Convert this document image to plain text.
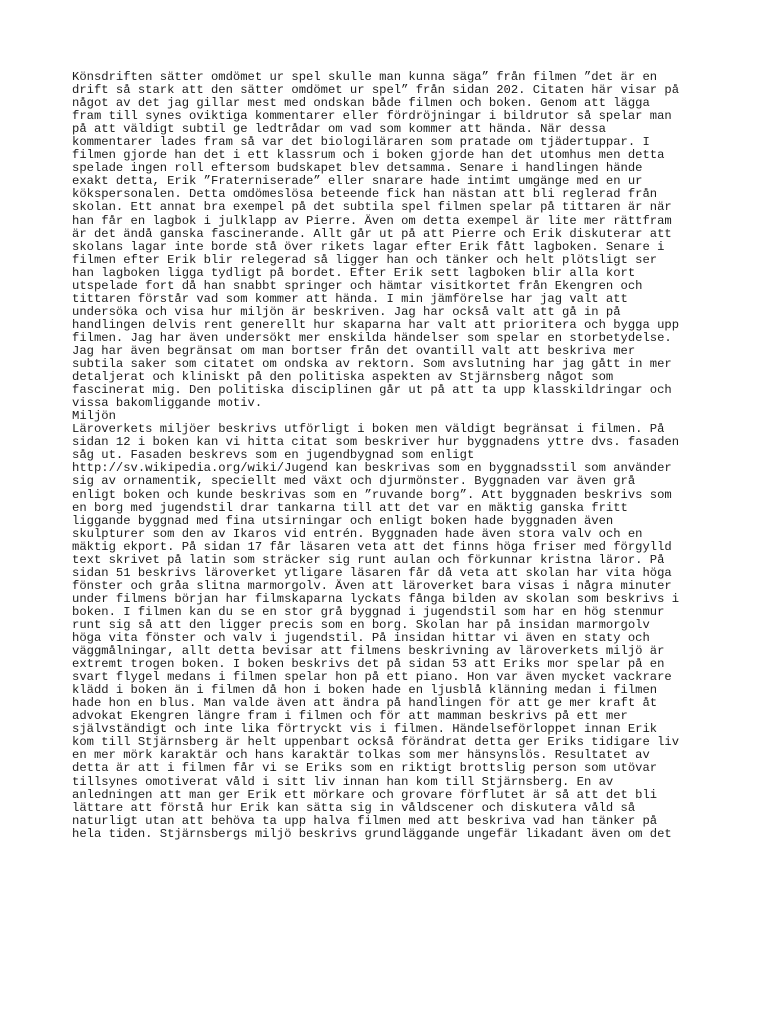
Könsdriften sätter omdömet ur spel skulle man kunna säga” från filmen ”det är en
drift så stark att den sätter omdömet ur spel” från sidan 202. Citaten här visar på
något av det jag gillar mest med ondskan både filmen och boken. Genom att lägga
fram till synes oviktiga kommentarer eller fördröjningar i bildrutor så spelar man
på att väldigt subtil ge ledtrådar om vad som kommer att hända. När dessa
kommentarer lades fram så var det biologiläraren som pratade om tjädertuppar. I
filmen gjorde han det i ett klassrum och i boken gjorde han det utomhus men detta
spelade ingen roll eftersom budskapet blev detsamma. Senare i handlingen hände
exakt detta, Erik ”Fraterniserade” eller snarare hade intimt umgänge med en ur
kökspersonalen. Detta omdömeslösa beteende fick han nästan att bli reglerad från
skolan. Ett annat bra exempel på det subtila spel filmen spelar på tittaren är när
han får en lagbok i julklapp av Pierre. Även om detta exempel är lite mer rättfram
är det ändå ganska fascinerande. Allt går ut på att Pierre och Erik diskuterar att
skolans lagar inte borde stå över rikets lagar efter Erik fått lagboken. Senare i
filmen efter Erik blir relegerad så ligger han och tänker och helt plötsligt ser
han lagboken ligga tydligt på bordet. Efter Erik sett lagboken blir alla kort
utspelade fort då han snabbt springer och hämtar visitkortet från Ekengren och
tittaren förstår vad som kommer att hända. I min jämförelse har jag valt att
undersöka och visa hur miljön är beskriven. Jag har också valt att gå in på
handlingen delvis rent generellt hur skaparna har valt att prioritera och bygga upp
filmen. Jag har även undersökt mer enskilda händelser som spelar en storbetydelse.
Jag har även begränsat om man bortser från det ovantill valt att beskriva mer
subtila saker som citatet om ondska av rektorn. Som avslutning har jag gått in mer
detaljerat och kliniskt på den politiska aspekten av Stjärnsberg något som
fascinerat mig. Den politiska disciplinen går ut på att ta upp klasskildringar och
vissa bakomliggande motiv.
Miljön
Läroverkets miljöer beskrivs utförligt i boken men väldigt begränsat i filmen. På
sidan 12 i boken kan vi hitta citat som beskriver hur byggnadens yttre dvs. fasaden
såg ut. Fasaden beskrevs som en jugendbygnad som enligt
http://sv.wikipedia.org/wiki/Jugend kan beskrivas som en byggnadsstil som använder
sig av ornamentik, speciellt med växt och djurmönster. Byggnaden var även grå
enligt boken och kunde beskrivas som en ”ruvande borg”. Att byggnaden beskrivs som
en borg med jugendstil drar tankarna till att det var en mäktig ganska fritt
liggande byggnad med fina utsirningar och enligt boken hade byggnaden även
skulpturer som den av Ikaros vid entrén. Byggnaden hade även stora valv och en
mäktig ekport. På sidan 17 får läsaren veta att det finns höga friser med förgylld
text skrivet på latin som sträcker sig runt aulan och förkunnar kristna läror. På
sidan 51 beskrivs läroverket ytligare läsaren får då veta att skolan har vita höga
fönster och gråa slitna marmorgolv. Även att läroverket bara visas i några minuter
under filmens början har filmskaparna lyckats fånga bilden av skolan som beskrivs i
boken. I filmen kan du se en stor grå byggnad i jugendstil som har en hög stenmur
runt sig så att den ligger precis som en borg. Skolan har på insidan marmorgolv
höga vita fönster och valv i jugendstil. På insidan hittar vi även en staty och
väggmålningar, allt detta bevisar att filmens beskrivning av läroverkets miljö är
extremt trogen boken. I boken beskrivs det på sidan 53 att Eriks mor spelar på en
svart flygel medans i filmen spelar hon på ett piano. Hon var även mycket vackrare
klädd i boken än i filmen då hon i boken hade en ljusblå klänning medan i filmen
hade hon en blus. Man valde även att ändra på handlingen för att ge mer kraft åt
advokat Ekengren längre fram i filmen och för att mamman beskrivs på ett mer
självständigt och inte lika förtryckt vis i filmen. Händelseförloppet innan Erik
kom till Stjärnsberg är helt uppenbart också förändrat detta ger Eriks tidigare liv
en mer mörk karaktär och hans karaktär tolkas som mer hänsynslös. Resultatet av
detta är att i filmen får vi se Eriks som en riktigt brottslig person som utövar
tillsynes omotiverat våld i sitt liv innan han kom till Stjärnsberg. En av
anledningen att man ger Erik ett mörkare och grovare förflutet är så att det bli
lättare att förstå hur Erik kan sätta sig in våldscener och diskutera våld så
naturligt utan att behöva ta upp halva filmen med att beskriva vad han tänker på
hela tiden. Stjärnsbergs miljö beskrivs grundläggande ungefär likadant även om det
